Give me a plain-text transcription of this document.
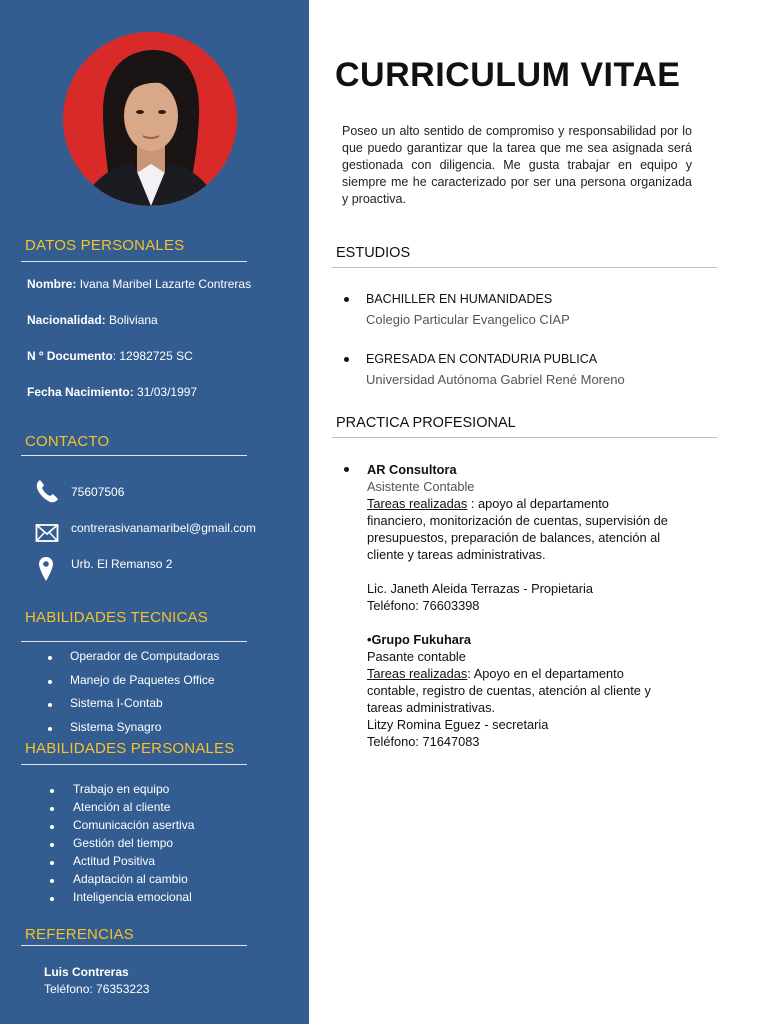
DATOS PERSONALES
Nombre: Ivana Maribel Lazarte Contreras
Nacionalidad: Boliviana
N º Documento: 12982725 SC
Fecha Nacimiento: 31/03/1997
CONTACTO
75607506
contrerasivanamaribel@gmail.com
Urb. El Remanso 2
HABILIDADES TECNICAS
Operador de Computadoras
Manejo de Paquetes Office
Sistema I-Contab
Sistema Synagro
HABILIDADES PERSONALES
Trabajo en equipo
Atención al cliente
Comunicación asertiva
Gestión del tiempo
Actitud Positiva
Adaptación al cambio
Inteligencia emocional
REFERENCIAS
Luis Contreras
Teléfono: 76353223
CURRICULUM VITAE

Poseo un alto sentido de compromiso y responsabilidad por lo que puedo garantizar que la tarea que me sea asignada será gestionada con diligencia. Me gusta trabajar en equipo y siempre me he caracterizado por ser una persona organizada y proactiva.

ESTUDIOS
BACHILLER EN HUMANIDADES
Colegio Particular Evangelico CIAP
EGRESADA EN CONTADURIA PUBLICA
Universidad Autónoma Gabriel René Moreno
PRACTICA PROFESIONAL
AR Consultora
Asistente Contable
Tareas realizadas : apoyo al departamento
financiero, monitorización de cuentas, supervisión de
presupuestos, preparación de balances, atención al
cliente y tareas administrativas.
Lic. Janeth Aleida Terrazas - Propietaria
Teléfono: 76603398
•Grupo Fukuhara
Pasante contable
Tareas realizadas: Apoyo en el departamento
contable, registro de cuentas, atención al cliente y
tareas administrativas.
Litzy Romina Eguez - secretaria
Teléfono: 71647083
